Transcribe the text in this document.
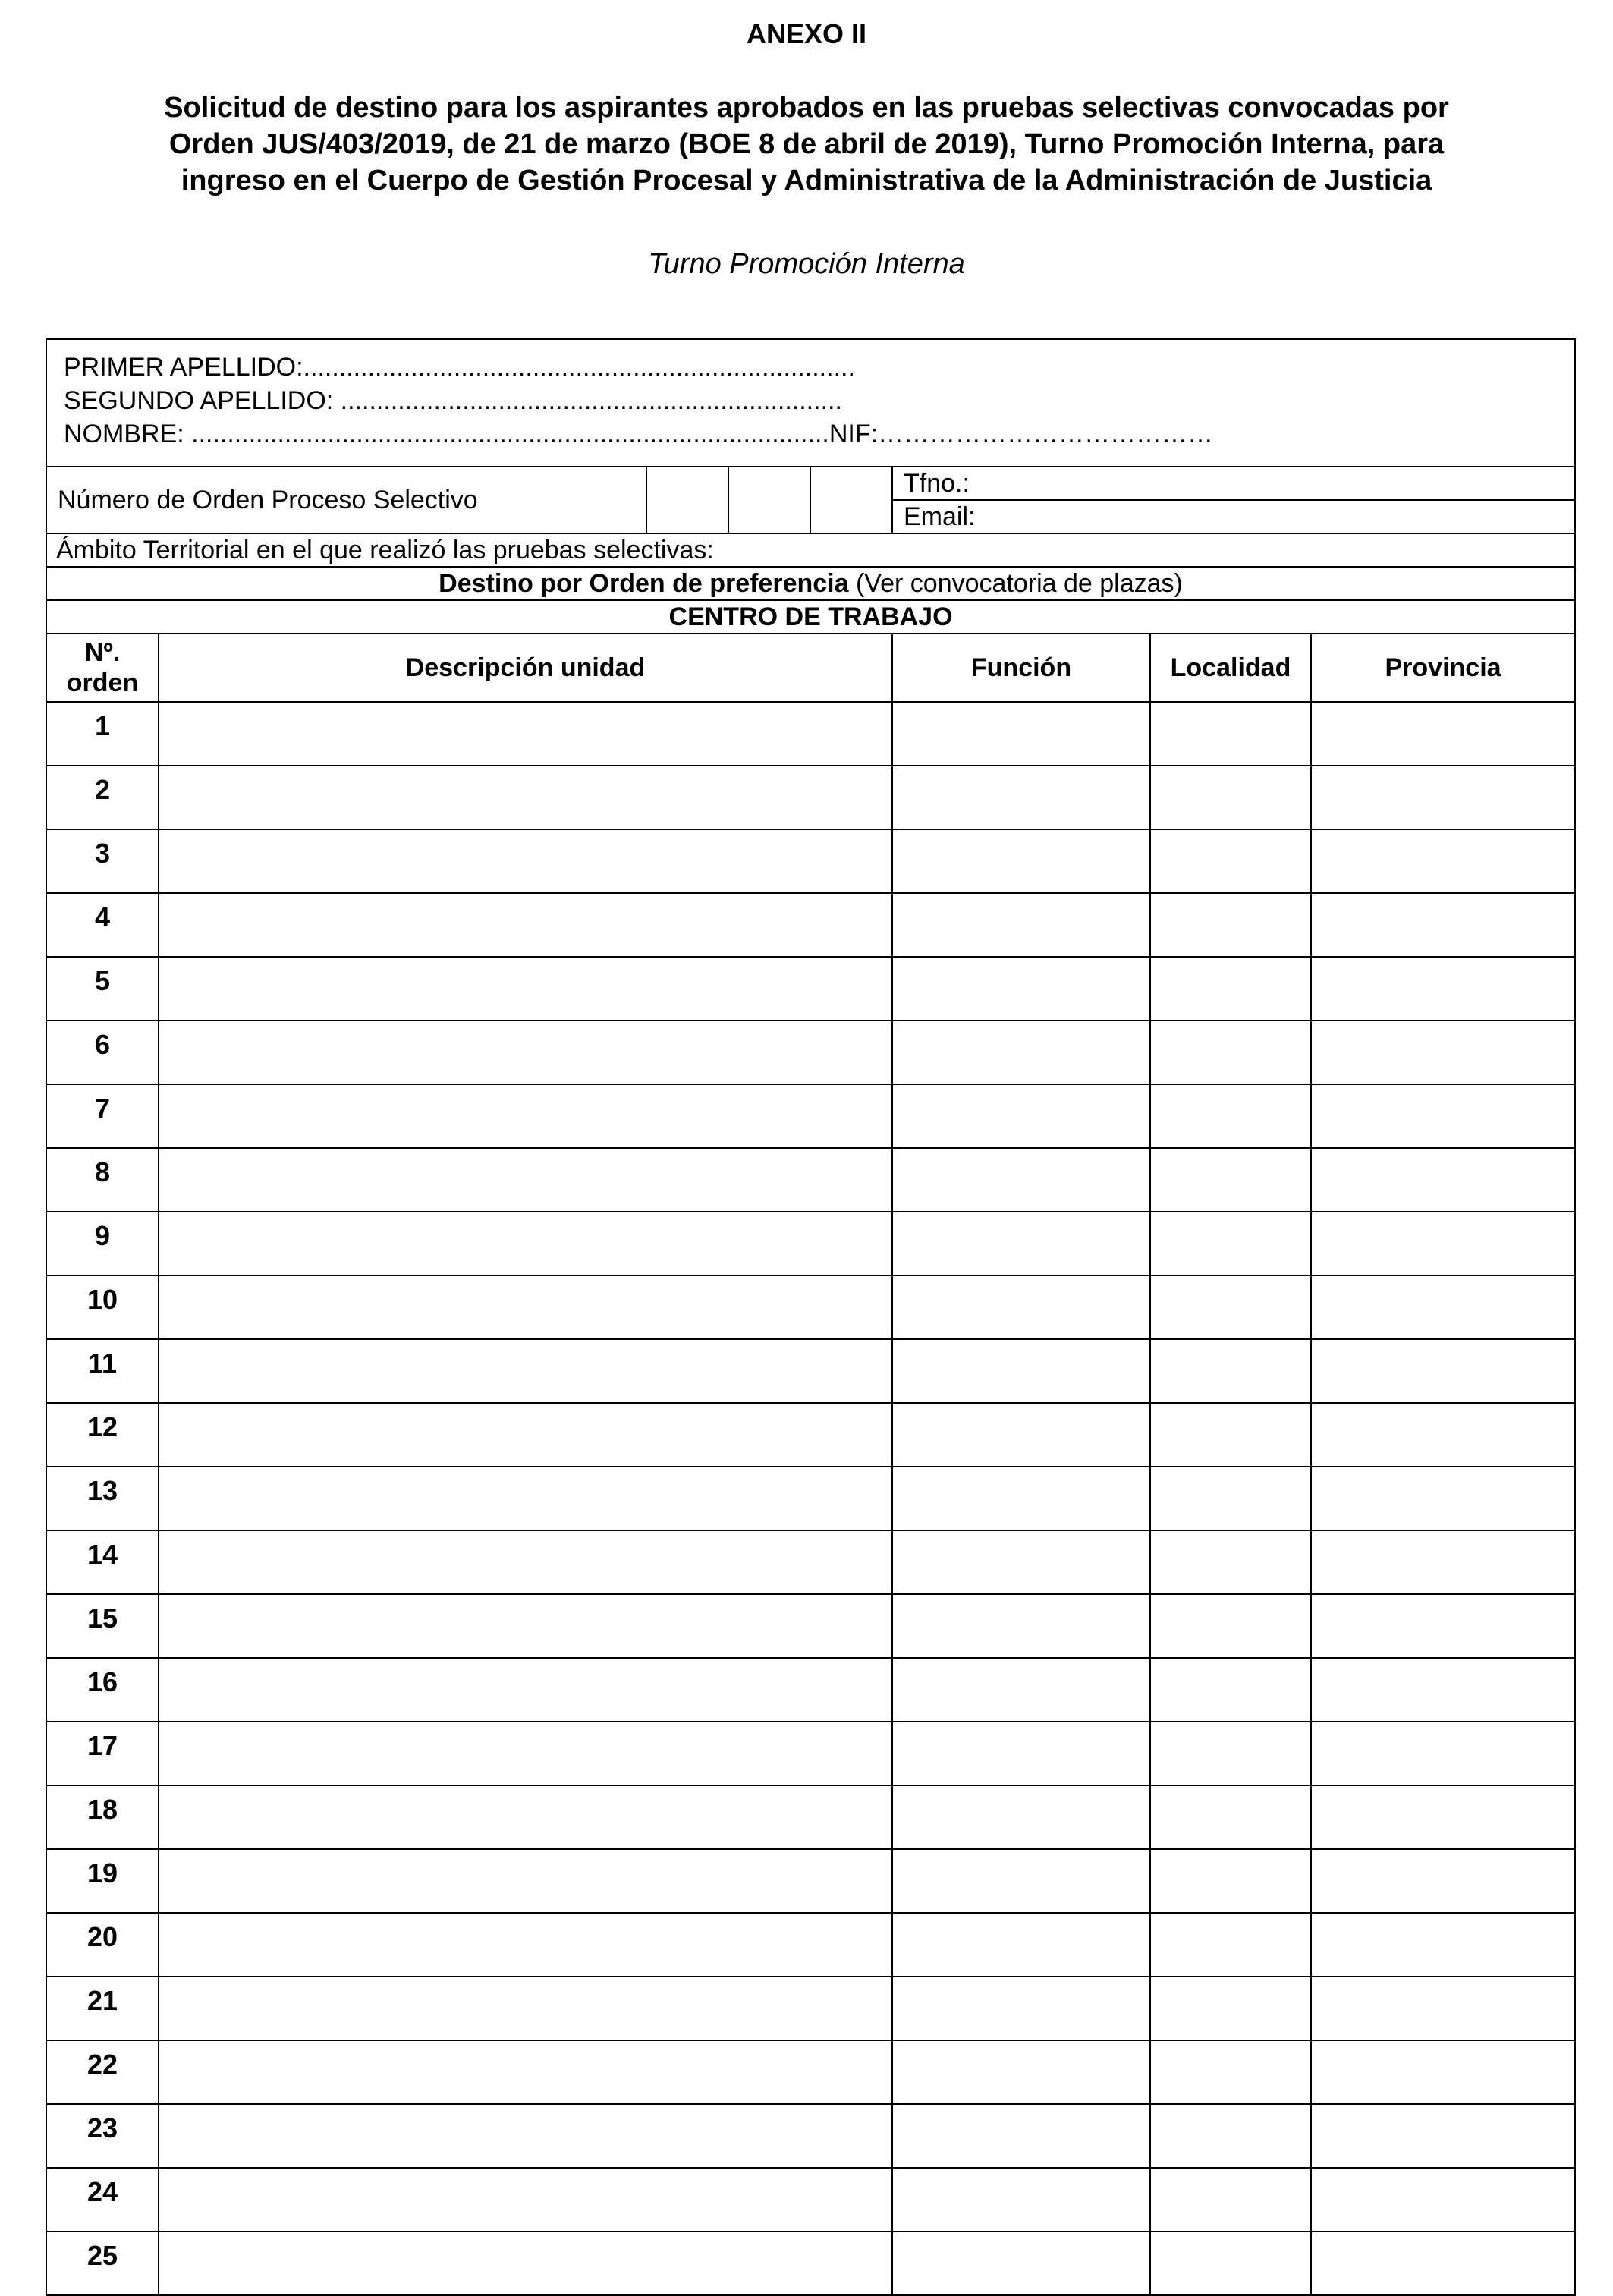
ANEXO II
Solicitud de destino para los aspirantes aprobados en las pruebas selectivas convocadas por
Orden JUS/403/2019, de 21 de marzo (BOE 8 de abril de 2019), Turno Promoción Interna, para
ingreso en el Cuerpo de Gestión Procesal y Administrativa de la Administración de Justicia
Turno Promoción Interna
PRIMER APELLIDO:.............................................................................
SEGUNDO APELLIDO: ......................................................................
NOMBRE: .........................................................................................NIF:…………………………………							

Número de Orden Proceso Selectivo					Tfno.:		
					Email:		
Ámbito Territorial en el que realizó las pruebas selectivas:							
Destino por Orden de preferencia (Ver convocatoria de plazas)							
CENTRO DE TRABAJO							
Nº.
orden	Descripción unidad				Función	Localidad	Provincia
1							
2							
3							
4							
5							
6							
7							
8							
9							
10							
11							
12							
13							
14							
15							
16							
17							
18							
19							
20							
21							
22							
23							
24							
25							
